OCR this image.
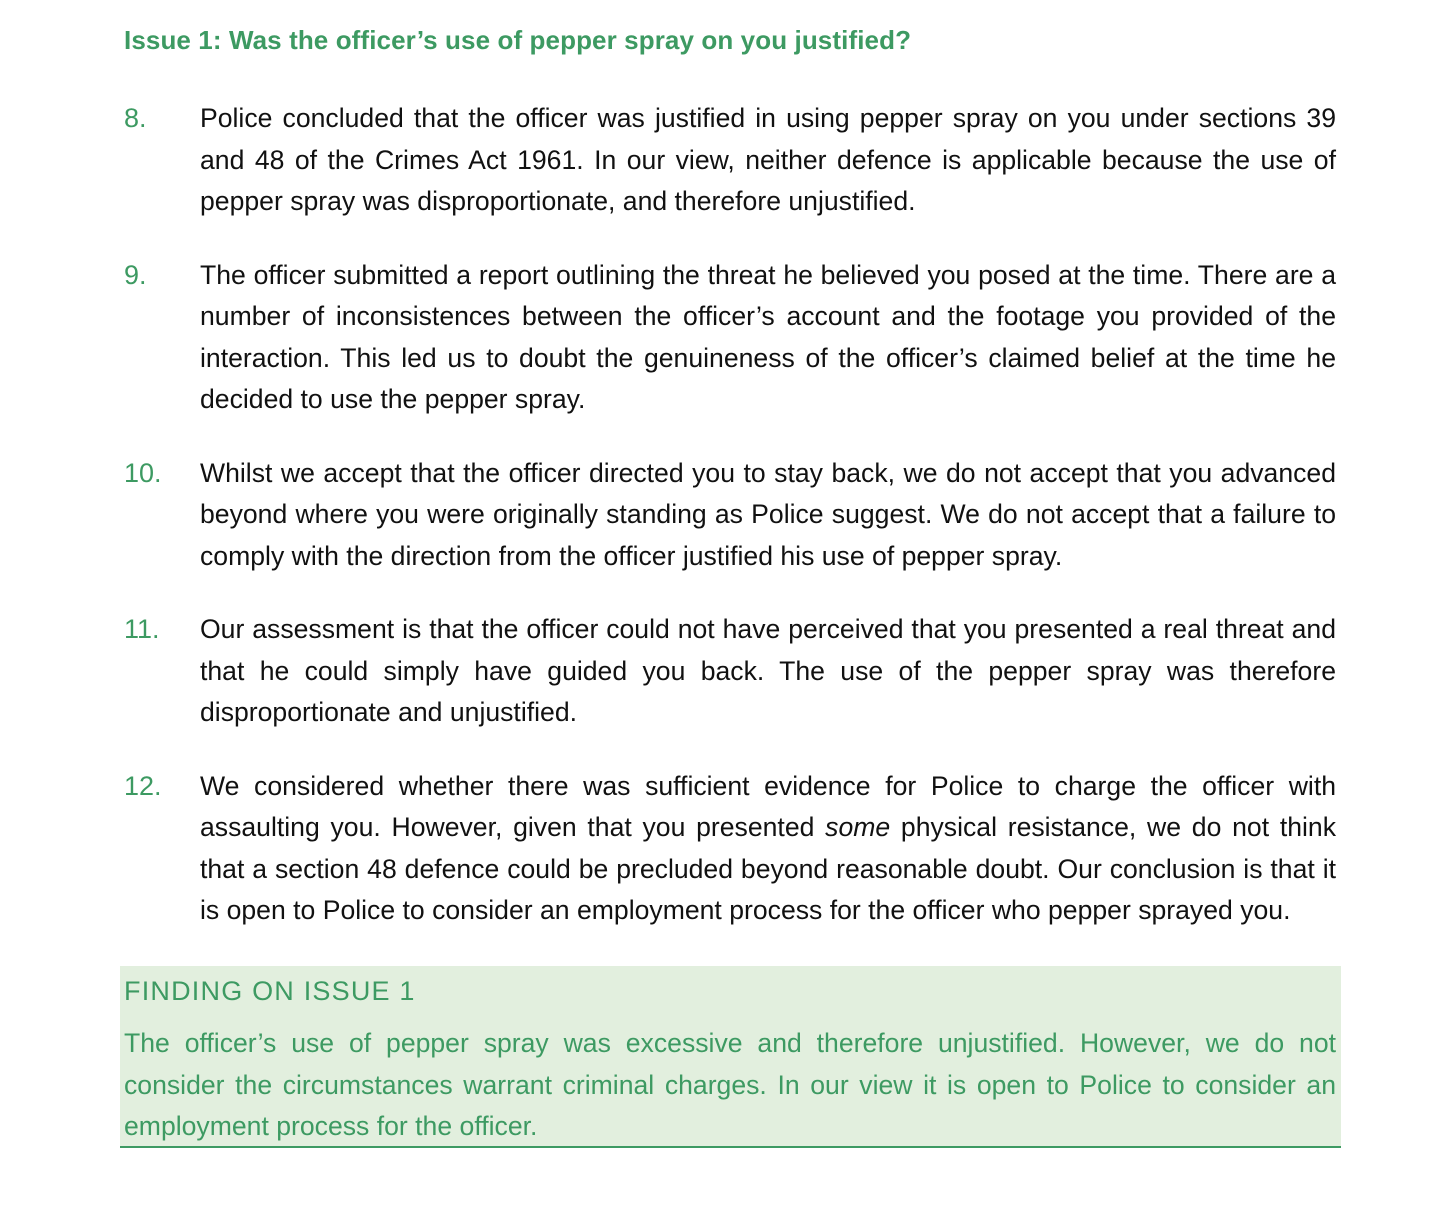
Issue 1: Was the officer’s use of pepper spray on you justified?
8. Police concluded that the officer was justified in using pepper spray on you under sections 39 and 48 of the Crimes Act 1961. In our view, neither defence is applicable because the use of pepper spray was disproportionate, and therefore unjustified.
9. The officer submitted a report outlining the threat he believed you posed at the time. There are a number of inconsistences between the officer’s account and the footage you provided of the interaction. This led us to doubt the genuineness of the officer’s claimed belief at the time he decided to use the pepper spray.
10. Whilst we accept that the officer directed you to stay back, we do not accept that you advanced beyond where you were originally standing as Police suggest. We do not accept that a failure to comply with the direction from the officer justified his use of pepper spray.
11. Our assessment is that the officer could not have perceived that you presented a real threat and that he could simply have guided you back. The use of the pepper spray was therefore disproportionate and unjustified.
12. We considered whether there was sufficient evidence for Police to charge the officer with assaulting you. However, given that you presented some physical resistance, we do not think that a section 48 defence could be precluded beyond reasonable doubt. Our conclusion is that it is open to Police to consider an employment process for the officer who pepper sprayed you.
FINDING ON ISSUE 1
The officer’s use of pepper spray was excessive and therefore unjustified. However, we do not consider the circumstances warrant criminal charges. In our view it is open to Police to consider an employment process for the officer.
